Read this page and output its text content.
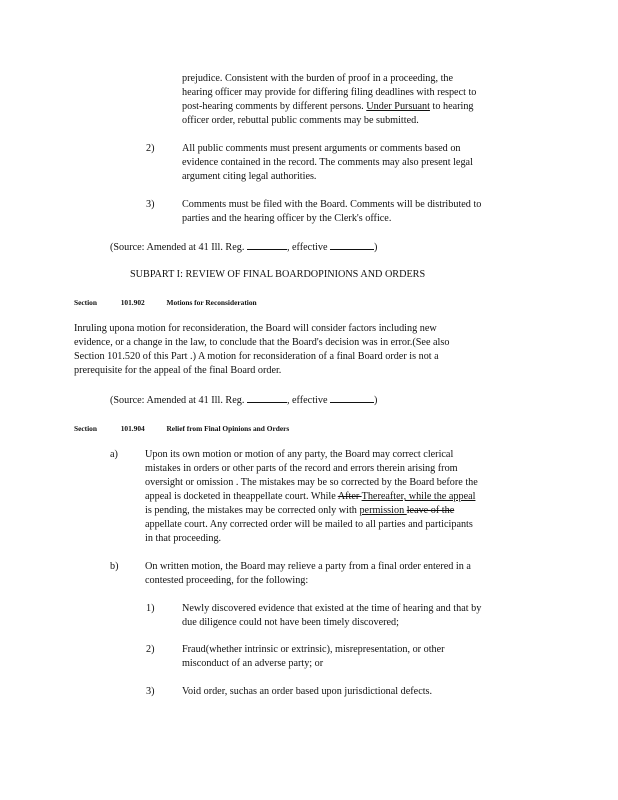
prejudice. Consistent with the burden of proof in a proceeding, the
hearing officer may provide for differing filing deadlines with respect to
post-hearing comments by different persons. Under Pursuant to hearing
officer order, rebuttal public comments may be submitted.
2)	All public comments must present arguments or comments based on
evidence contained in the record. The comments may also present legal
argument citing legal authorities.
3)	Comments must be filed with the Board. Comments will be distributed to
parties and the hearing officer by the Clerk's office.
(Source: Amended at 41 Ill. Reg.	, effective	)
SUBPART I: REVIEW OF FINAL BOARDOPINIONS AND ORDERS
Section	101.902	Motions for Reconsideration
Inruling upona motion for reconsideration, the Board will consider factors including new
evidence, or a change in the law, to conclude that the Board's decision was in error.(See also
Section 101.520 of this Part .) A motion for reconsideration of a final Board order is not a
prerequisite for the appeal of the final Board order.
(Source: Amended at 41 Ill. Reg.	, effective	)
Section	101.904	Relief from Final Opinions and Orders
a)	Upon its own motion or motion of any party, the Board may correct clerical
mistakes in orders or other parts of the record and errors therein arising from
oversight or omission . The mistakes may be so corrected by the Board before the
appeal is docketed in theappellate court. While After Thereafter, while the appeal
is pending, the mistakes may be corrected only with permission leave of the
appellate court. Any corrected order will be mailed to all parties and participants
in that proceeding.
b)	On written motion, the Board may relieve a party from a final order entered in a
contested proceeding, for the following:
1)	Newly discovered evidence that existed at the time of hearing and that by
due diligence could not have been timely discovered;
2)	Fraud(whether intrinsic or extrinsic), misrepresentation, or other
misconduct of an adverse party; or
3)	Void order, suchas an order based upon jurisdictional defects.
